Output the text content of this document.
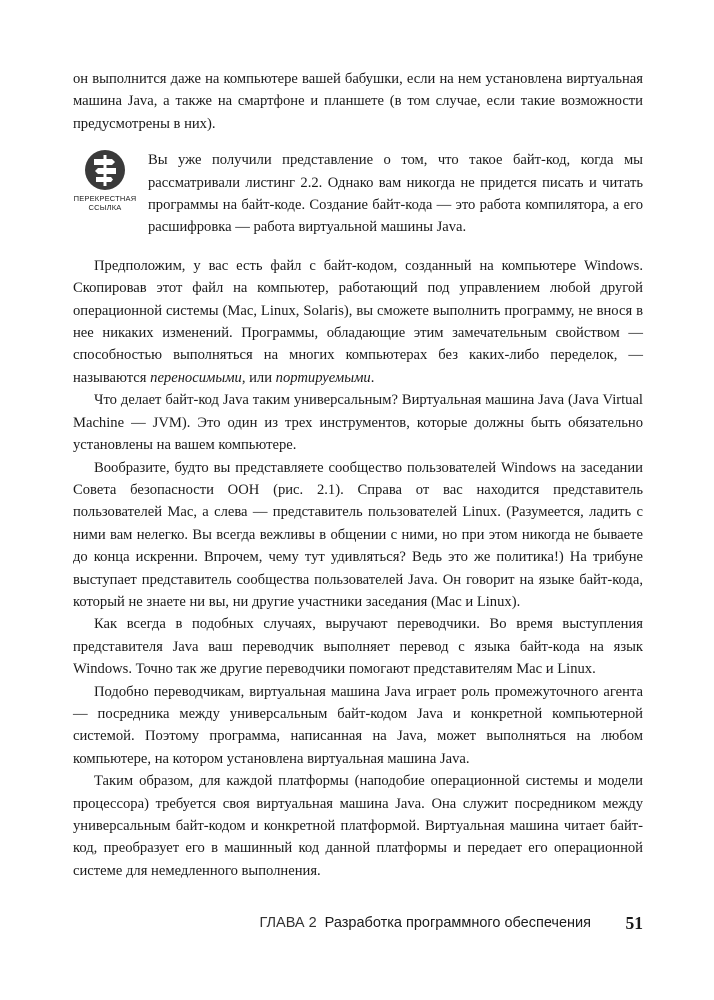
он выполнится даже на компьютере вашей бабушки, если на нем установлена виртуальная машина Java, а также на смартфоне и планшете (в том случае, если такие возможности предусмотрены в них).

ПЕРЕКРЕСТНАЯ
ССЫЛКА

Вы уже получили представление о том, что такое байт-код, когда мы рассматривали листинг 2.2. Однако вам никогда не придется писать и читать программы на байт-коде. Создание байт-кода — это работа компилятора, а его расшифровка — работа виртуальной машины Java.

Предположим, у вас есть файл с байт-кодом, созданный на компьютере Windows. Скопировав этот файл на компьютер, работающий под управлением любой другой операционной системы (Mac, Linux, Solaris), вы сможете выполнить программу, не внося в нее никаких изменений. Программы, обладающие этим замечательным свойством — способностью выполняться на многих компьютерах без каких-либо переделок, — называются переносимыми, или портируемыми.

Что делает байт-код Java таким универсальным? Виртуальная машина Java (Java Virtual Machine — JVM). Это один из трех инструментов, которые должны быть обязательно установлены на вашем компьютере.

Вообразите, будто вы представляете сообщество пользователей Windows на заседании Совета безопасности ООН (рис. 2.1). Справа от вас находится представитель пользователей Mac, а слева — представитель пользователей Linux. (Разумеется, ладить с ними вам нелегко. Вы всегда вежливы в общении с ними, но при этом никогда не бываете до конца искренни. Впрочем, чему тут удивляться? Ведь это же политика!) На трибуне выступает представитель сообщества пользователей Java. Он говорит на языке байт-кода, который не знаете ни вы, ни другие участники заседания (Mac и Linux).

Как всегда в подобных случаях, выручают переводчики. Во время выступления представителя Java ваш переводчик выполняет перевод с языка байт-кода на язык Windows. Точно так же другие переводчики помогают представителям Mac и Linux.

Подобно переводчикам, виртуальная машина Java играет роль промежуточного агента — посредника между универсальным байт-кодом Java и конкретной компьютерной системой. Поэтому программа, написанная на Java, может выполняться на любом компьютере, на котором установлена виртуальная машина Java.

Таким образом, для каждой платформы (наподобие операционной системы и модели процессора) требуется своя виртуальная машина Java. Она служит посредником между универсальным байт-кодом и конкретной платформой. Виртуальная машина читает байт-код, преобразует его в машинный код данной платформы и передает его операционной системе для немедленного выполнения.

ГЛАВА 2 Разработка программного обеспечения 51
